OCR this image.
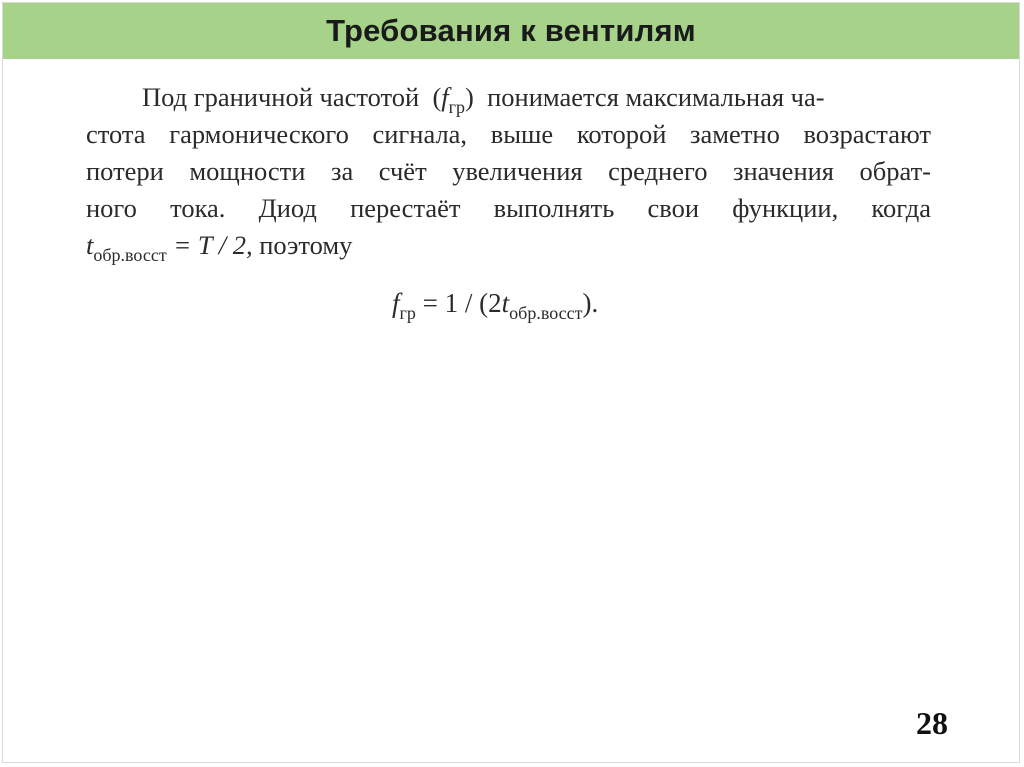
Требования к вентилям
Под граничной частотой $(f_{гр})$ понимается максимальная ча-
стота гармонического сигнала, выше которой заметно возрастают
потери мощности за счёт увеличения среднего значения обрат-
ного тока. Диод перестаёт выполнять свои функции, когда
$t_{обр.восст} = T / 2$, поэтому
$f_{гр} = 1 / (2t_{обр.восст})$.
28
